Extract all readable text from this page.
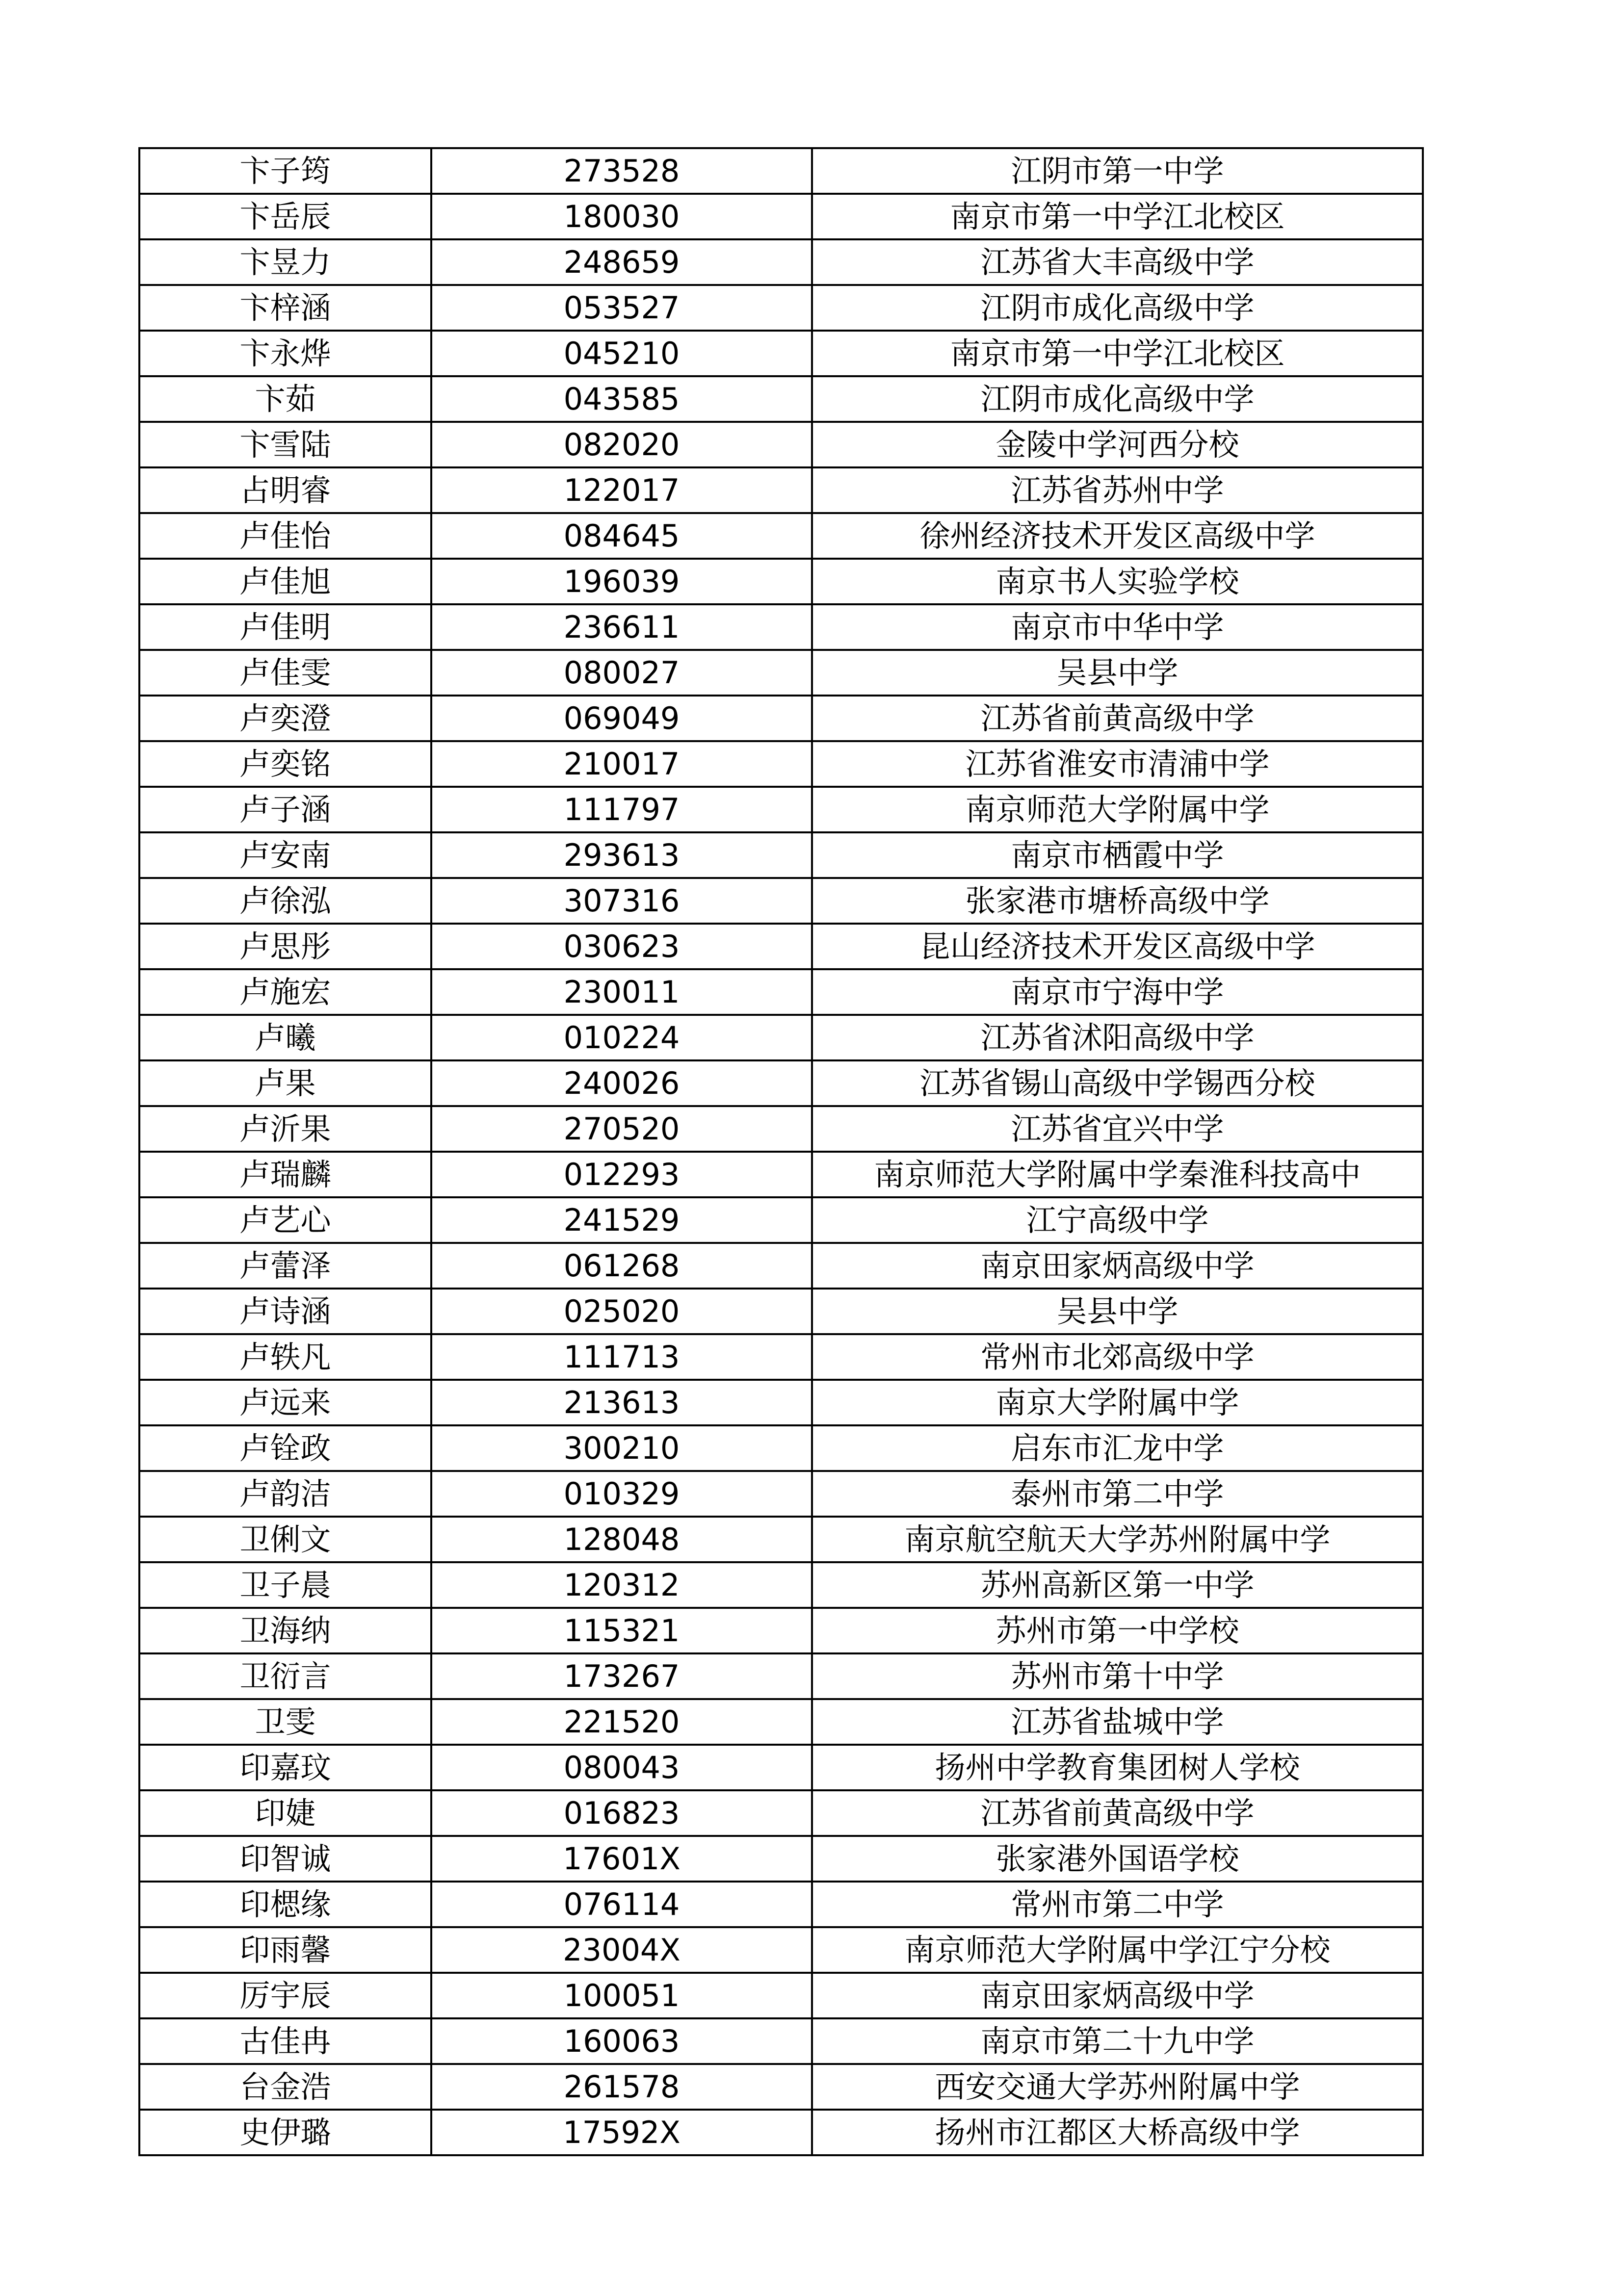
卞子筠	273528	江阴市第一中学
卞岳辰	180030	南京市第一中学江北校区
卞昱力	248659	江苏省大丰高级中学
卞梓涵	053527	江阴市成化高级中学
卞永烨	045210	南京市第一中学江北校区
卞茹	043585	江阴市成化高级中学
卞雪陆	082020	金陵中学河西分校
占明睿	122017	江苏省苏州中学
卢佳怡	084645	徐州经济技术开发区高级中学
卢佳旭	196039	南京书人实验学校
卢佳明	236611	南京市中华中学
卢佳雯	080027	吴县中学
卢奕澄	069049	江苏省前黄高级中学
卢奕铭	210017	江苏省淮安市清浦中学
卢子涵	111797	南京师范大学附属中学
卢安南	293613	南京市栖霞中学
卢徐泓	307316	张家港市塘桥高级中学
卢思彤	030623	昆山经济技术开发区高级中学
卢施宏	230011	南京市宁海中学
卢曦	010224	江苏省沭阳高级中学
卢果	240026	江苏省锡山高级中学锡西分校
卢沂果	270520	江苏省宜兴中学
卢瑞麟	012293	南京师范大学附属中学秦淮科技高中
卢艺心	241529	江宁高级中学
卢蕾泽	061268	南京田家炳高级中学
卢诗涵	025020	吴县中学
卢轶凡	111713	常州市北郊高级中学
卢远来	213613	南京大学附属中学
卢铨政	300210	启东市汇龙中学
卢韵洁	010329	泰州市第二中学
卫俐文	128048	南京航空航天大学苏州附属中学
卫子晨	120312	苏州高新区第一中学
卫海纳	115321	苏州市第一中学校
卫衍言	173267	苏州市第十中学
卫雯	221520	江苏省盐城中学
印嘉玟	080043	扬州中学教育集团树人学校
印婕	016823	江苏省前黄高级中学
印智诚	17601X	张家港外国语学校
印楒缘	076114	常州市第二中学
印雨馨	23004X	南京师范大学附属中学江宁分校
厉宇辰	100051	南京田家炳高级中学
古佳冉	160063	南京市第二十九中学
台金浩	261578	西安交通大学苏州附属中学
史伊璐	17592X	扬州市江都区大桥高级中学
